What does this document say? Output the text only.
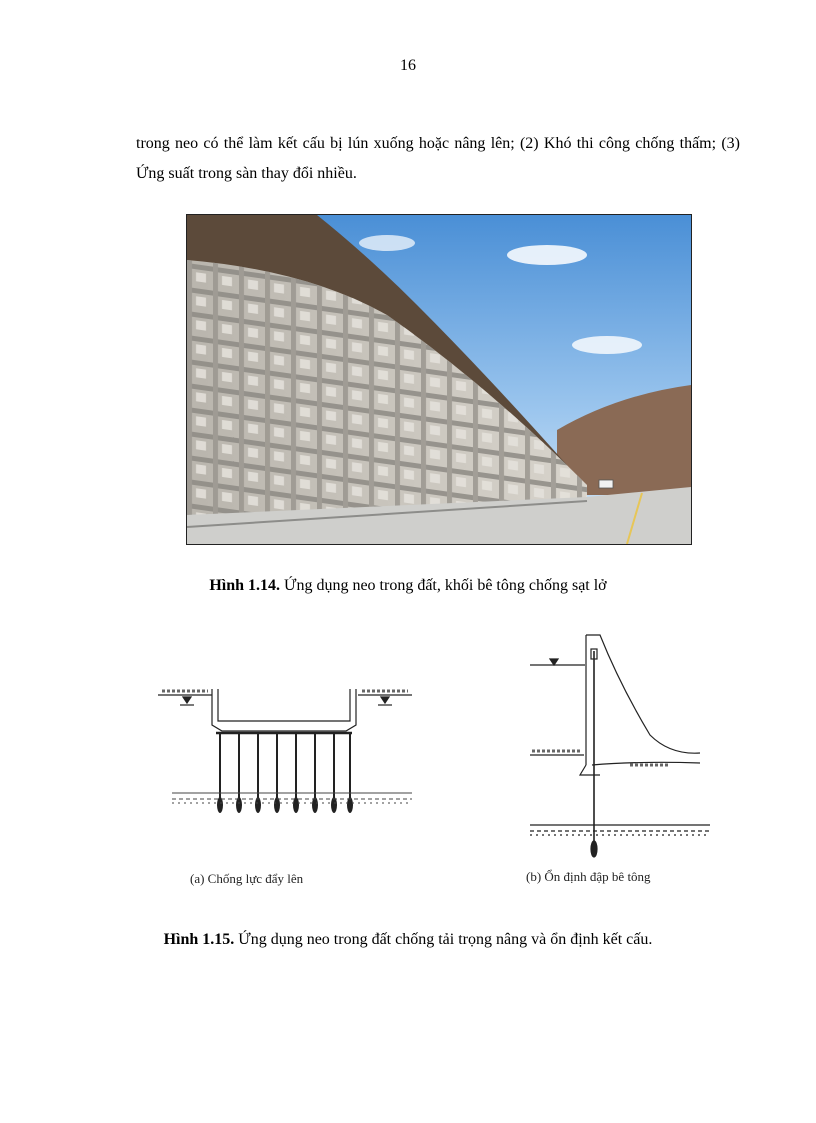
16
trong neo có thể làm kết cấu bị lún xuống hoặc nâng lên; (2) Khó thi công chống thấm; (3) Ứng suất trong sàn thay đổi nhiều.
Hình 1.14. Ứng dụng neo trong đất, khối bê tông chống sạt lở
(a) Chống lực đẩy lên	(b) Ổn định đập bê tông
Hình 1.15. Ứng dụng neo trong đất chống tải trọng nâng và ổn định kết cấu.
